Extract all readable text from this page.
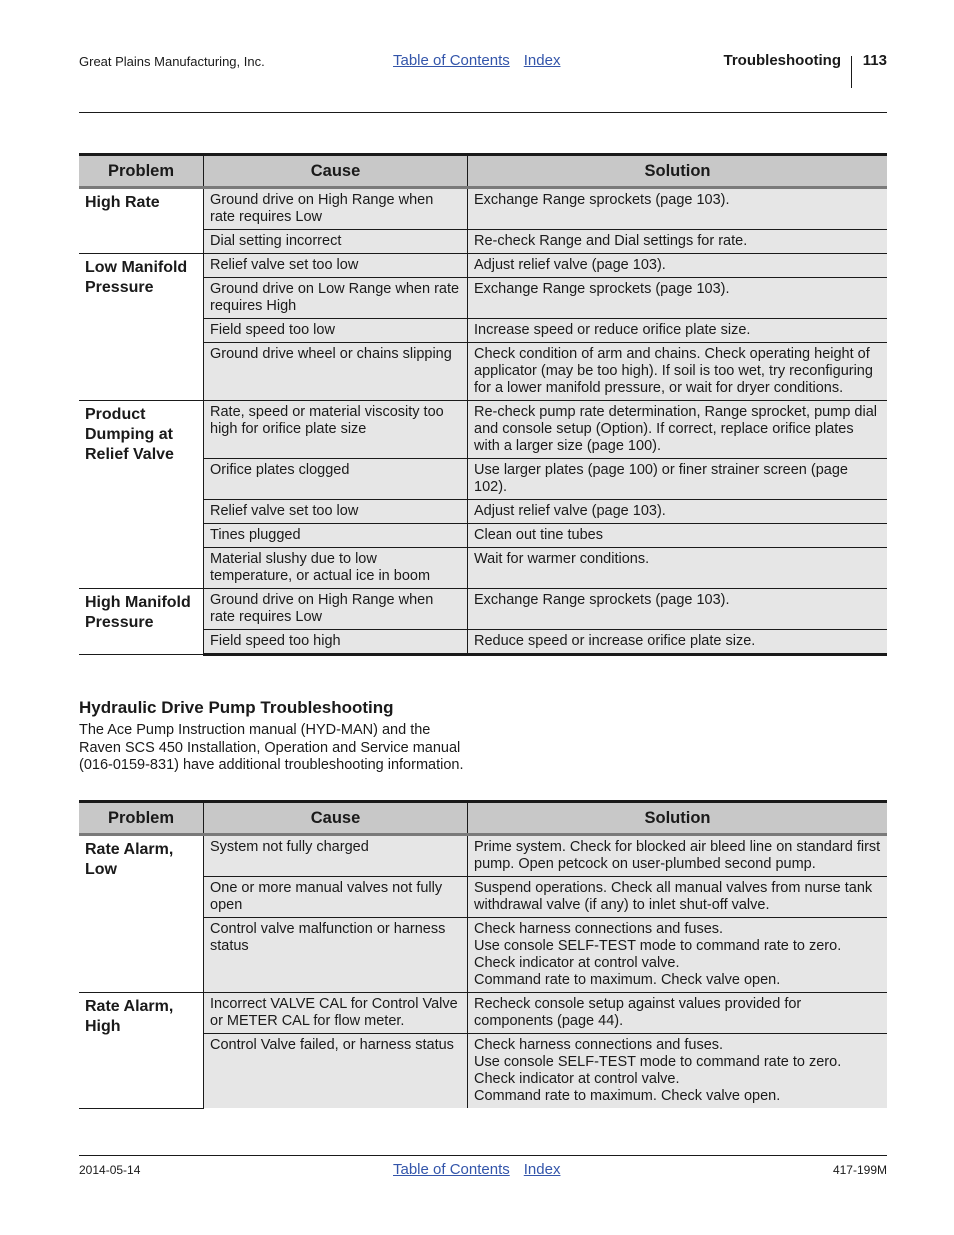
Great Plains Manufacturing, Inc.	Table of Contents Index	Troubleshooting 113
Problem	Cause	Solution
High Rate	Ground drive on High Range when rate requires Low	Exchange Range sprockets (page 103).
	Dial setting incorrect	Re-check Range and Dial settings for rate.
Low Manifold Pressure	Relief valve set too low	Adjust relief valve (page 103).
	Ground drive on Low Range when rate requires High	Exchange Range sprockets (page 103).
	Field speed too low	Increase speed or reduce orifice plate size.
	Ground drive wheel or chains slipping	Check condition of arm and chains. Check operating height of applicator (may be too high). If soil is too wet, try reconfiguring for a lower manifold pressure, or wait for dryer conditions.
Product Dumping at Relief Valve	Rate, speed or material viscosity too high for orifice plate size	Re-check pump rate determination, Range sprocket, pump dial and console setup (Option). If correct, replace orifice plates with a larger size (page 100).
	Orifice plates clogged	Use larger plates (page 100) or finer strainer screen (page 102).
	Relief valve set too low	Adjust relief valve (page 103).
	Tines plugged	Clean out tine tubes
	Material slushy due to low temperature, or actual ice in boom	Wait for warmer conditions.
High Manifold Pressure	Ground drive on High Range when rate requires Low	Exchange Range sprockets (page 103).
	Field speed too high	Reduce speed or increase orifice plate size.
Hydraulic Drive Pump Troubleshooting
The Ace Pump Instruction manual (HYD-MAN) and the Raven SCS 450 Installation, Operation and Service manual (016-0159-831) have additional troubleshooting information.
Problem	Cause	Solution
Rate Alarm, Low	System not fully charged	Prime system. Check for blocked air bleed line on standard first pump. Open petcock on user-plumbed second pump.

	One or more manual valves not fully open	Suspend operations. Check all manual valves from nurse tank withdrawal valve (if any) to inlet shut-off valve.

	Control valve malfunction or harness status	Check harness connections and fuses.
Use console SELF-TEST mode to command rate to zero.
Check indicator at control valve.
Command rate to maximum. Check valve open.

Rate Alarm, High	Incorrect VALVE CAL for Control Valve or METER CAL for flow meter.	Recheck console setup against values provided for components (page 44).

	Control Valve failed, or harness status	Check harness connections and fuses.
Use console SELF-TEST mode to command rate to zero.
Check indicator at control valve.
Command rate to maximum. Check valve open.
2014-05-14	Table of Contents Index	417-199M
